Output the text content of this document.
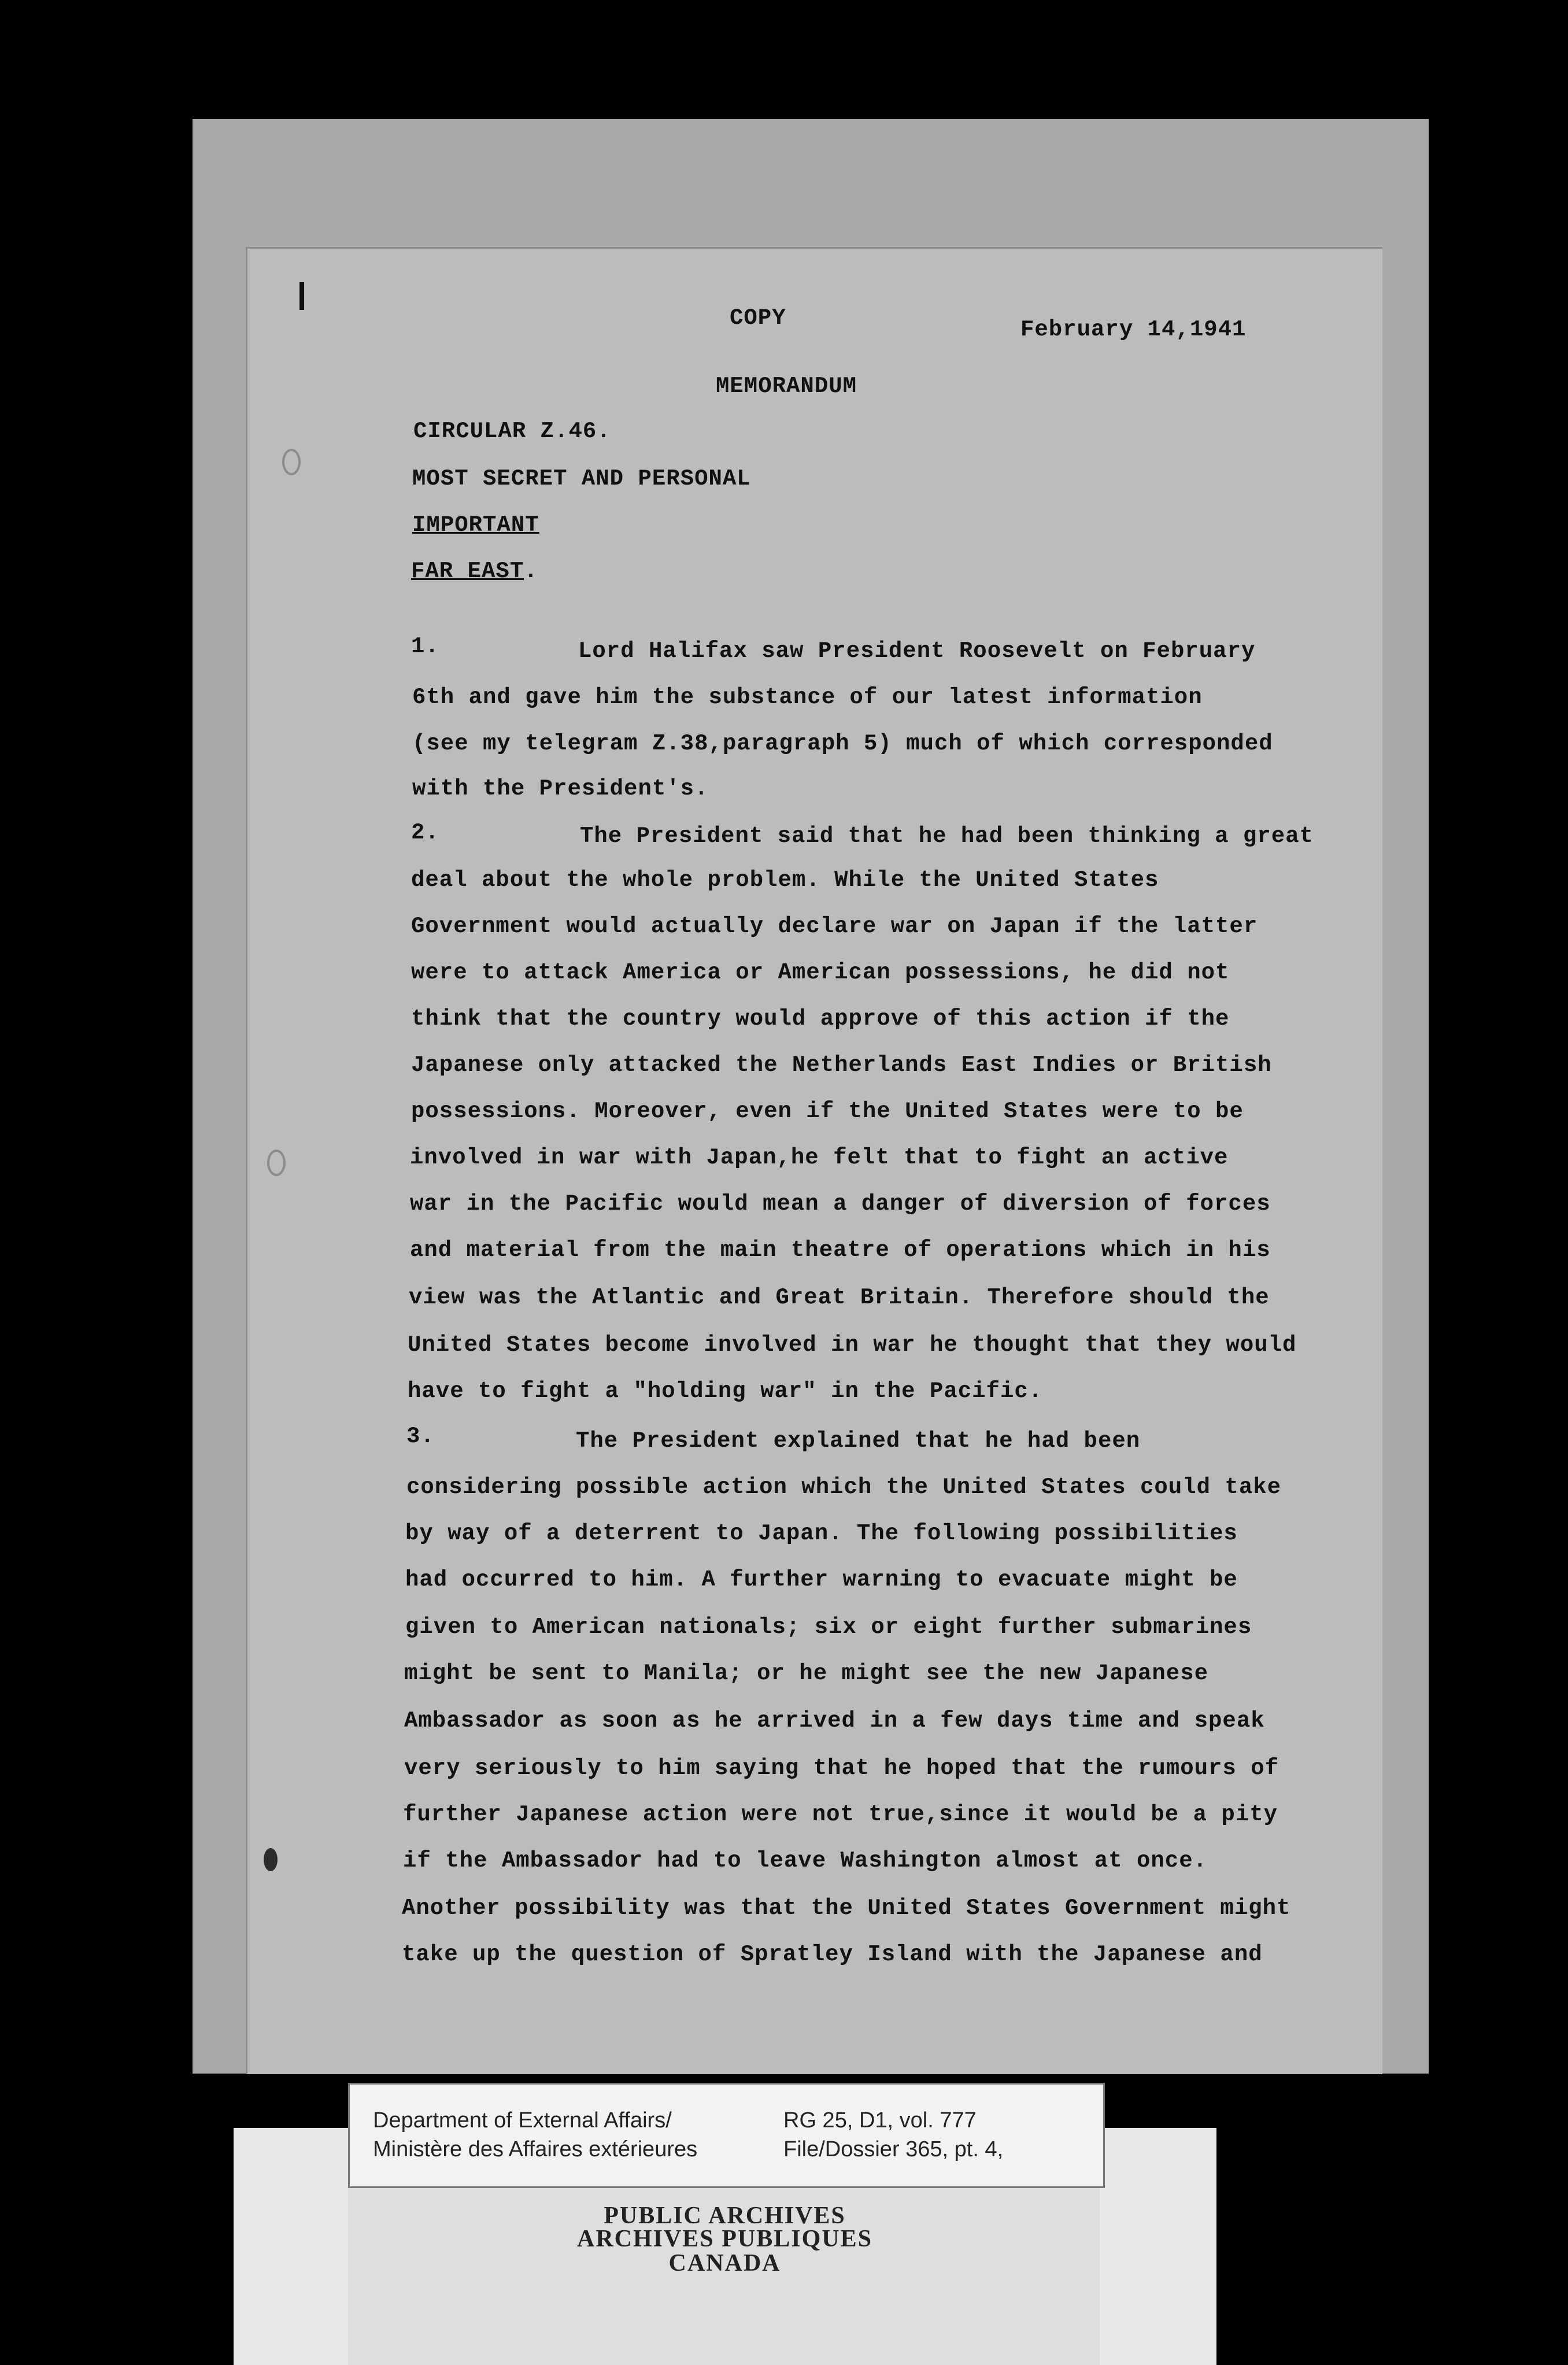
COPY	February 14,1941
MEMORANDUM
CIRCULAR Z.46.
MOST SECRET AND PERSONAL
IMPORTANT
FAR EAST.
1.	Lord Halifax saw President Roosevelt on February
6th and gave him the substance of our latest information
(see my telegram Z.38,paragraph 5) much of which corresponded
with the President's.
2.	The President said that he had been thinking a great
deal about the whole problem. While the United States
Government would actually declare war on Japan if the latter
were to attack America or American possessions, he did not
think that the country would approve of this action if the
Japanese only attacked the Netherlands East Indies or British
possessions. Moreover, even if the United States were to be
involved in war with Japan,he felt that to fight an active
war in the Pacific would mean a danger of diversion of forces
and material from the main theatre of operations which in his
view was the Atlantic and Great Britain. Therefore should the
United States become involved in war he thought that they would
have to fight a "holding war" in the Pacific.
3.	The President explained that he had been
considering possible action which the United States could take
by way of a deterrent to Japan. The following possibilities
had occurred to him. A further warning to evacuate might be
given to American nationals; six or eight further submarines
might be sent to Manila; or he might see the new Japanese
Ambassador as soon as he arrived in a few days time and speak
very seriously to him saying that he hoped that the rumours of
further Japanese action were not true,since it would be a pity
if the Ambassador had to leave Washington almost at once.
Another possibility was that the United States Government might
take up the question of Spratley Island with the Japanese and
Department of External Affairs/
Ministère des Affaires extérieures
RG 25, D1, vol. 777
File/Dossier 365, pt. 4,
PUBLIC ARCHIVES
ARCHIVES PUBLIQUES
CANADA
